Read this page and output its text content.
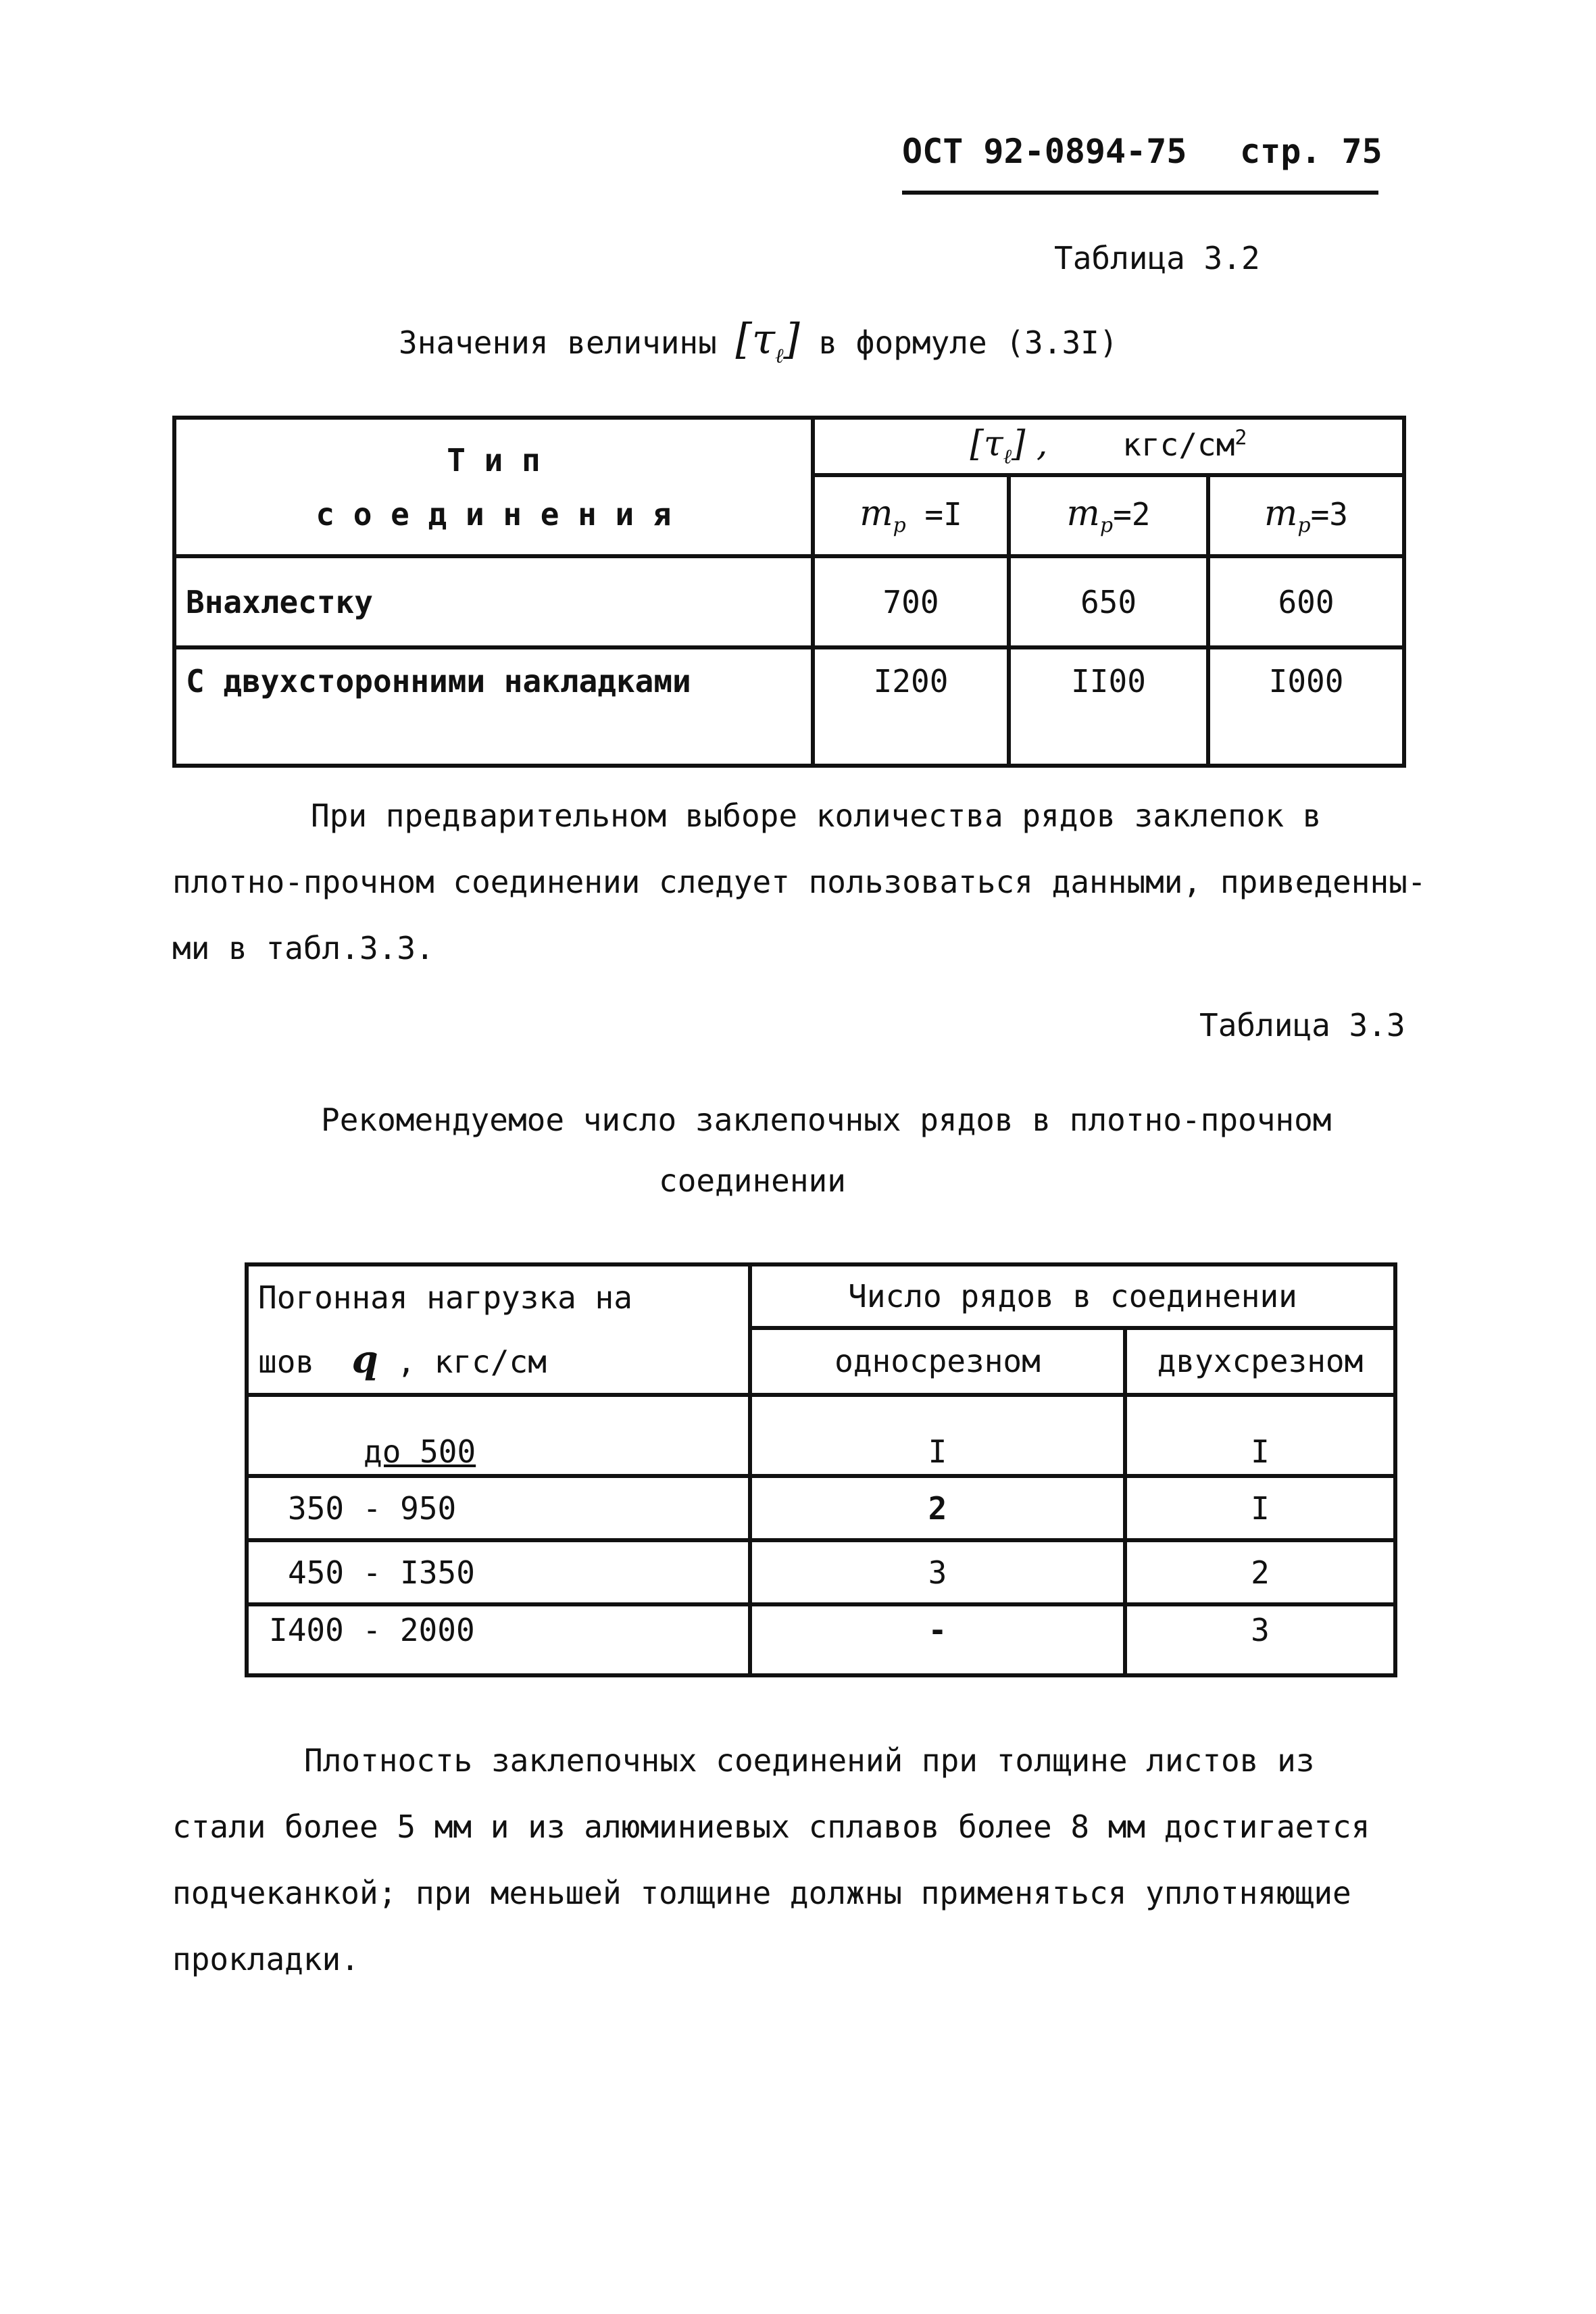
ОСТ 92-0894-75 стр. 75
Таблица 3.2
Значения величины $[\tau_\ell]$ в формуле (3.3I)
Т и п
с о е д и н е н и я	$[\tau_\ell]$ , кгс/$см^2$
	$m_p =I$	$m_p=2$	$m_p=3$
Внахлестку	700	650	600
С двухсторонними накладками	I200	II00	I000
При предварительном выборе количества рядов заклепок в
плотно-прочном соединении следует пользоваться данными, приведенны-
ми в табл.3.3.
Таблица 3.3
Рекомендуемое число заклепочных рядов в плотно-прочном
соединении
Погонная нагрузка на
шов q , кгс/см	Число рядов в соединении	
	односрезном	двухсрезном
до 500	I	I
350 - 950	2	I
450 - I350	3	2
I400 - 2000	-	3
Плотность заклепочных соединений при толщине листов из
стали более 5 мм и из алюминиевых сплавов более 8 мм достигается
подчеканкой; при меньшей толщине должны применяться уплотняющие
прокладки.
